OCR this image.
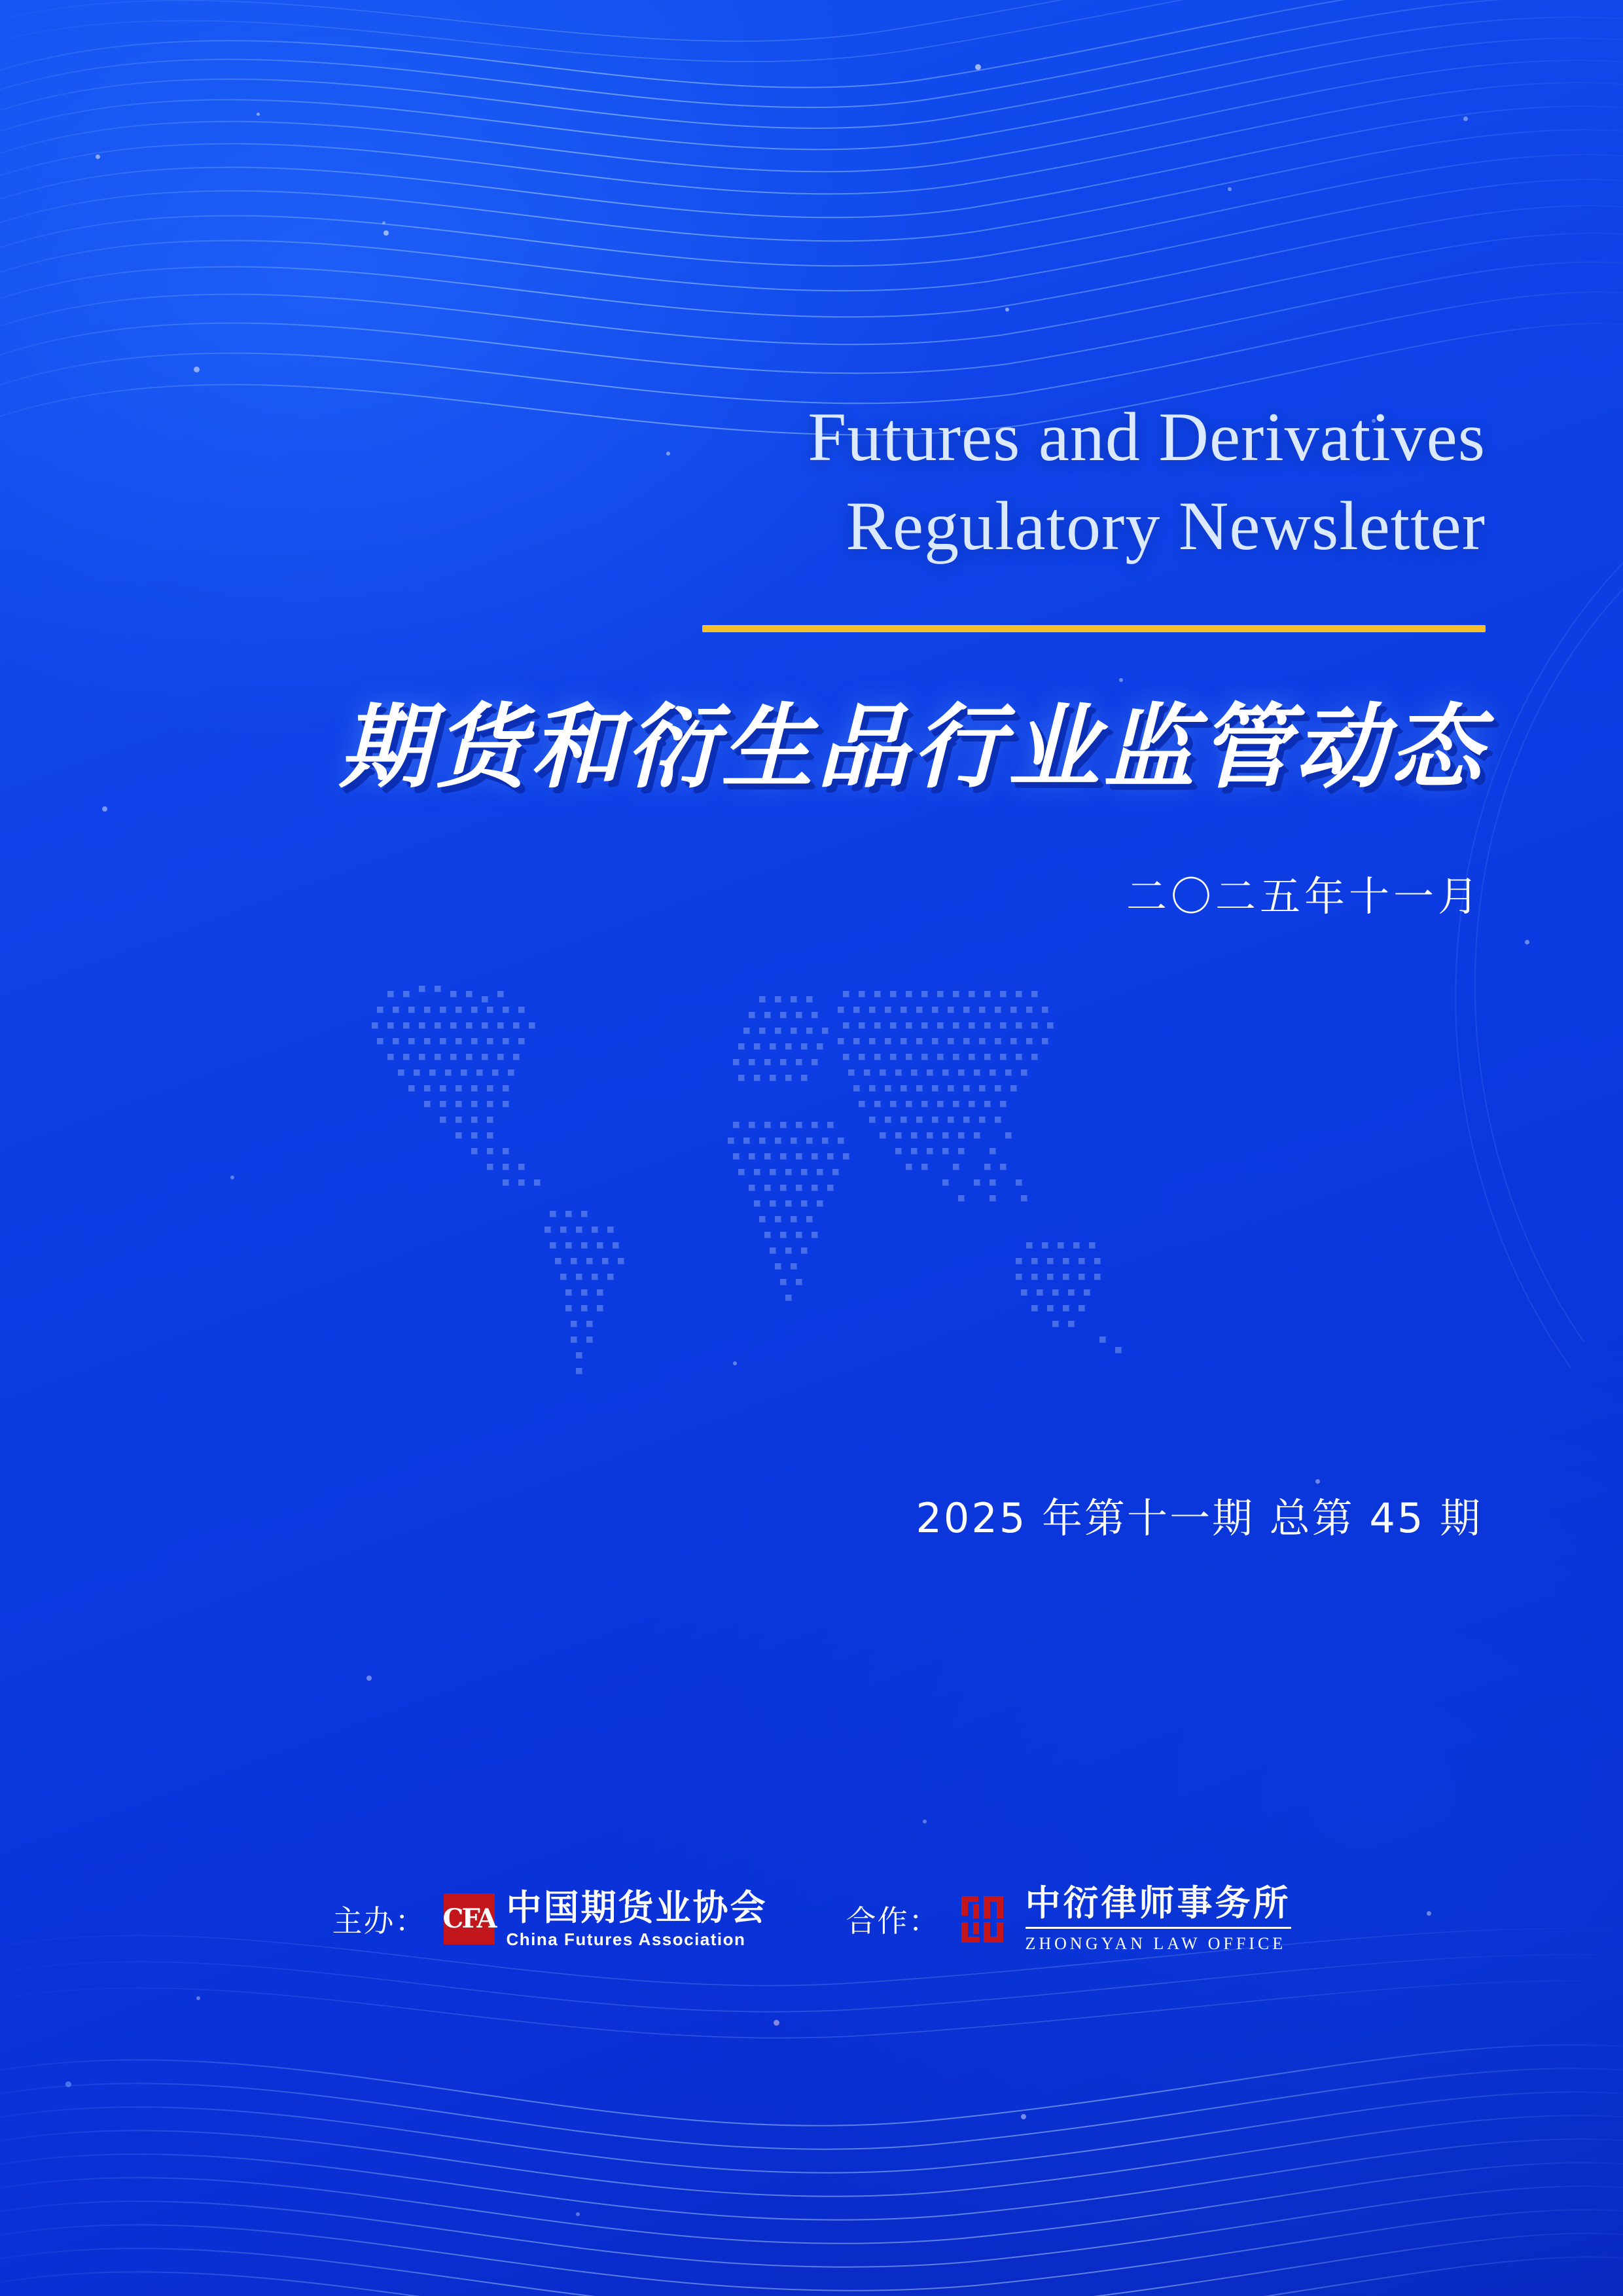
Futures and Derivatives
Regulatory Newsletter
期货和衍生品行业监管动态
二〇二五年十一月
2025 年第十一期 总第 45 期
主办： CFA 中国期货业协会
China Futures Association
合作： 中衍律师事务所
ZHONGYAN LAW OFFICE
